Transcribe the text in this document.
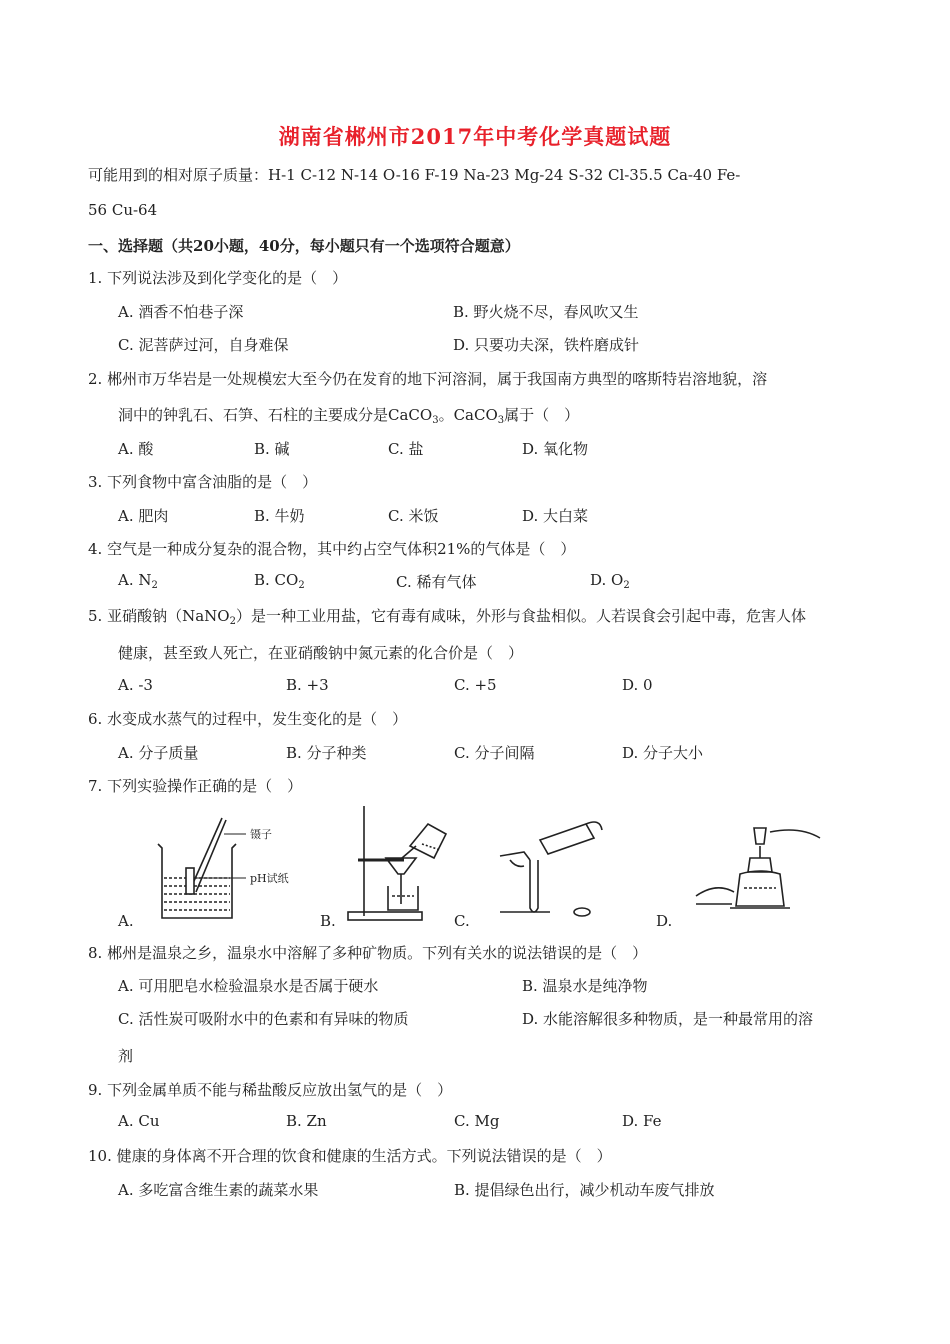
湖南省郴州市2017年中考化学真题试题
可能用到的相对原子质量：H-1 C-12 N-14 O-16 F-19 Na-23 Mg-24 S-32 Cl-35.5 Ca-40 Fe-
56 Cu-64
一、选择题（共20小题，40分，每小题只有一个选项符合题意）
1. 下列说法涉及到化学变化的是（　）
A. 酒香不怕巷子深	B. 野火烧不尽，春风吹又生
C. 泥菩萨过河，自身难保	D. 只要功夫深，铁杵磨成针
2. 郴州市万华岩是一处规模宏大至今仍在发育的地下河溶洞，属于我国南方典型的喀斯特岩溶地貌，溶
洞中的钟乳石、石笋、石柱的主要成分是CaCO$_3$。CaCO$_3$属于（　）
A. 酸	B. 碱	C. 盐	D. 氧化物
3. 下列食物中富含油脂的是（　）
A. 肥肉	B. 牛奶	C. 米饭	D. 大白菜
4. 空气是一种成分复杂的混合物，其中约占空气体积21%的气体是（　）
A. $N_2$	B. $CO_2$	C. 稀有气体	D. $O_2$
5. 亚硝酸钠（NaNO$_2$）是一种工业用盐，它有毒有咸味，外形与食盐相似。人若误食会引起中毒，危害人体
健康，甚至致人死亡，在亚硝酸钠中氮元素的化合价是（　）
A. -3	B. +3	C. +5	D. 0
6. 水变成水蒸气的过程中，发生变化的是（　）
A. 分子质量	B. 分子种类	C. 分子间隔	D. 分子大小
7. 下列实验操作正确的是（　）
镊子
pH试纸
A.	B.	C.	D.
8. 郴州是温泉之乡，温泉水中溶解了多种矿物质。下列有关水的说法错误的是（　）
A. 可用肥皂水检验温泉水是否属于硬水	B. 温泉水是纯净物
C. 活性炭可吸附水中的色素和有异味的物质	D. 水能溶解很多种物质，是一种最常用的溶
剂
9. 下列金属单质不能与稀盐酸反应放出氢气的是（　）
A. Cu	B. Zn	C. Mg	D. Fe
10. 健康的身体离不开合理的饮食和健康的生活方式。下列说法错误的是（　）
A. 多吃富含维生素的蔬菜水果	B. 提倡绿色出行，减少机动车废气排放
